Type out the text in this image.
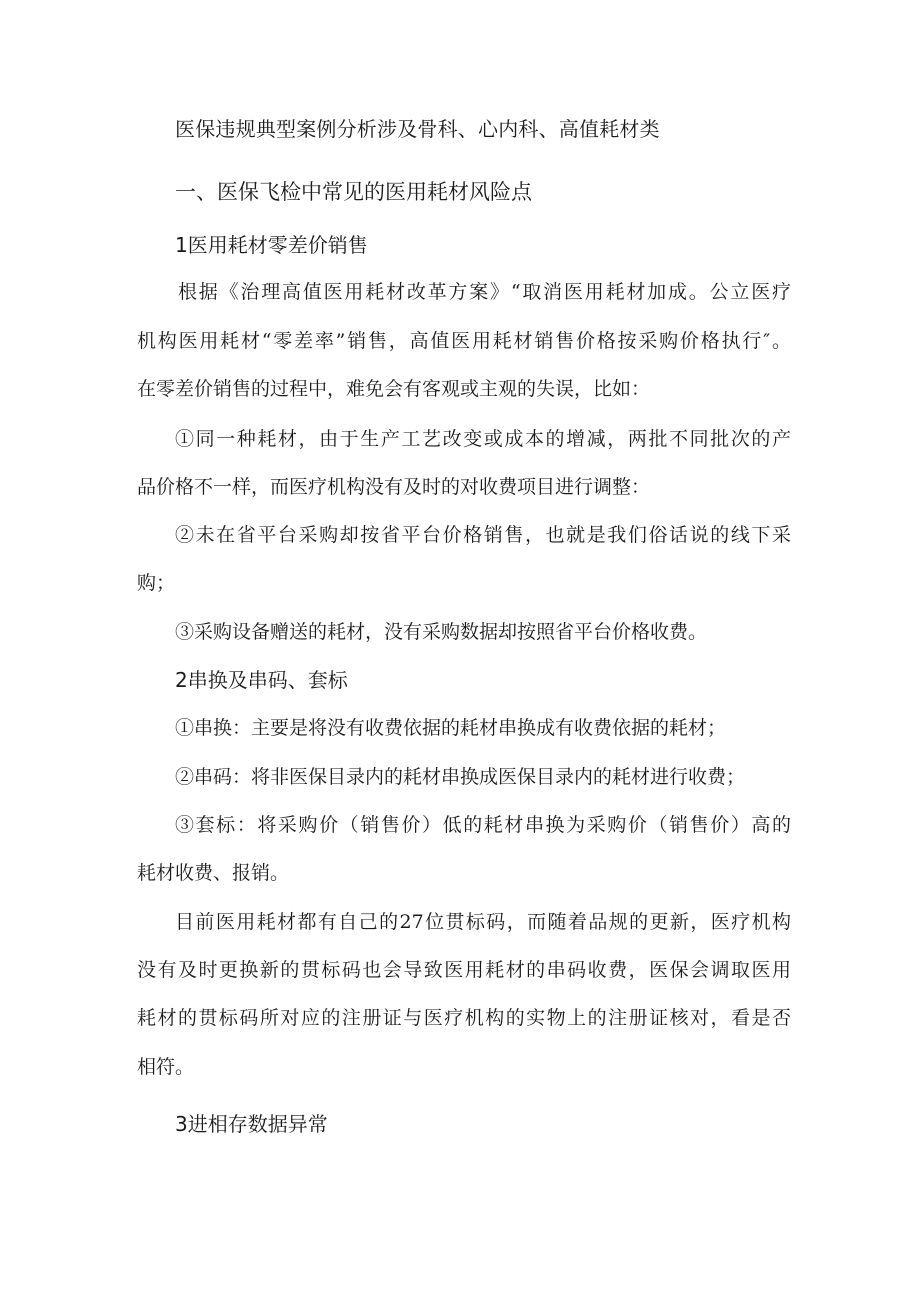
医保违规典型案例分析涉及骨科、心内科、高值耗材类
一、医保飞检中常见的医用耗材风险点
1医用耗材零差价销售
根据《治理高值医用耗材改革方案》“取消医用耗材加成。公立医疗
机构医用耗材“零差率”销售，高值医用耗材销售价格按采购价格执行″。
在零差价销售的过程中，难免会有客观或主观的失误，比如：
①同一种耗材，由于生产工艺改变或成本的增减，两批不同批次的产
品价格不一样，而医疗机构没有及时的对收费项目进行调整：
②未在省平台采购却按省平台价格销售，也就是我们俗话说的线下采
购；
③采购设备赠送的耗材，没有采购数据却按照省平台价格收费。
2串换及串码、套标
①串换：主要是将没有收费依据的耗材串换成有收费依据的耗材；
②串码：将非医保目录内的耗材串换成医保目录内的耗材进行收费；
③套标：将采购价（销售价）低的耗材串换为采购价（销售价）高的
耗材收费、报销。
目前医用耗材都有自己的27位贯标码，而随着品规的更新，医疗机构
没有及时更换新的贯标码也会导致医用耗材的串码收费，医保会调取医用
耗材的贯标码所对应的注册证与医疗机构的实物上的注册证核对，看是否
相符。
3进相存数据异常
